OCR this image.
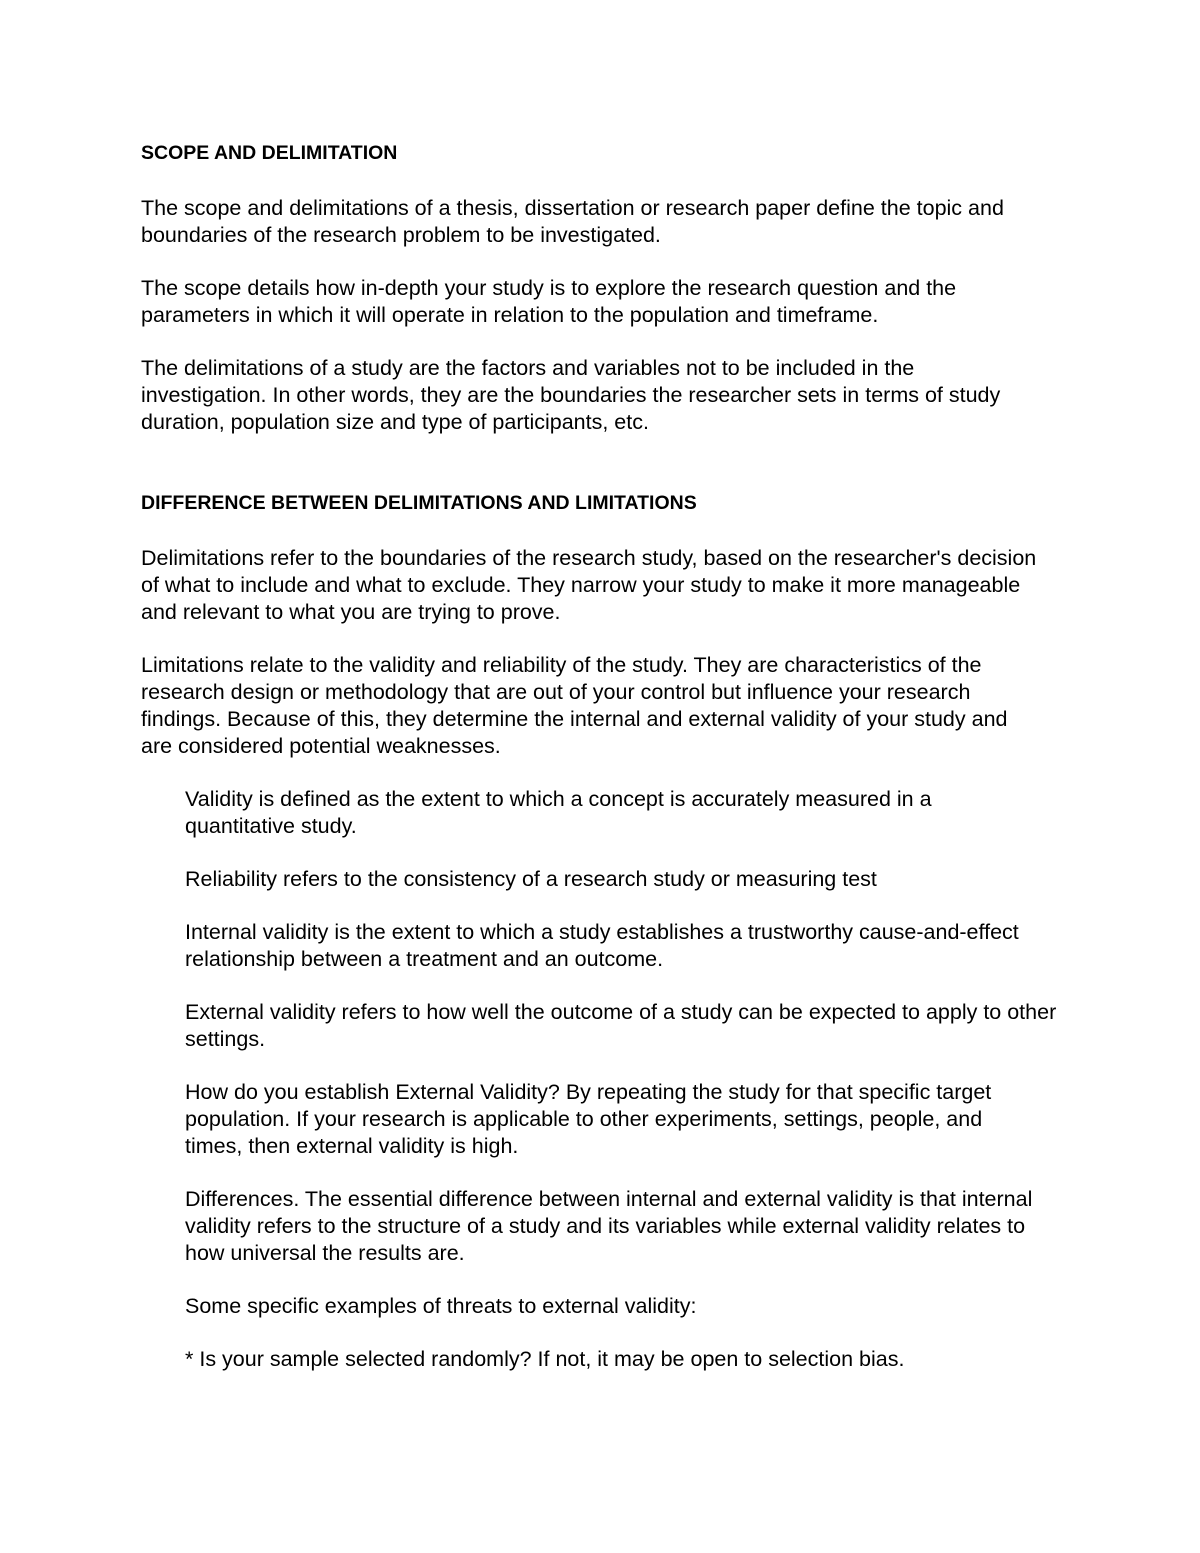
SCOPE AND DELIMITATION

The scope and delimitations of a thesis, dissertation or research paper define the topic and boundaries of the research problem to be investigated.

The scope details how in-depth your study is to explore the research question and the parameters in which it will operate in relation to the population and timeframe.

The delimitations of a study are the factors and variables not to be included in the investigation. In other words, they are the boundaries the researcher sets in terms of study duration, population size and type of participants, etc.

DIFFERENCE BETWEEN DELIMITATIONS AND LIMITATIONS

Delimitations refer to the boundaries of the research study, based on the researcher's decision of what to include and what to exclude. They narrow your study to make it more manageable and relevant to what you are trying to prove.

Limitations relate to the validity and reliability of the study. They are characteristics of the research design or methodology that are out of your control but influence your research findings. Because of this, they determine the internal and external validity of your study and are considered potential weaknesses.

Validity is defined as the extent to which a concept is accurately measured in a quantitative study.

Reliability refers to the consistency of a research study or measuring test

Internal validity is the extent to which a study establishes a trustworthy cause-and-effect relationship between a treatment and an outcome.

External validity refers to how well the outcome of a study can be expected to apply to other settings.

How do you establish External Validity? By repeating the study for that specific target population. If your research is applicable to other experiments, settings, people, and times, then external validity is high.

Differences. The essential difference between internal and external validity is that internal validity refers to the structure of a study and its variables while external validity relates to how universal the results are.

Some specific examples of threats to external validity:

* Is your sample selected randomly? If not, it may be open to selection bias.
